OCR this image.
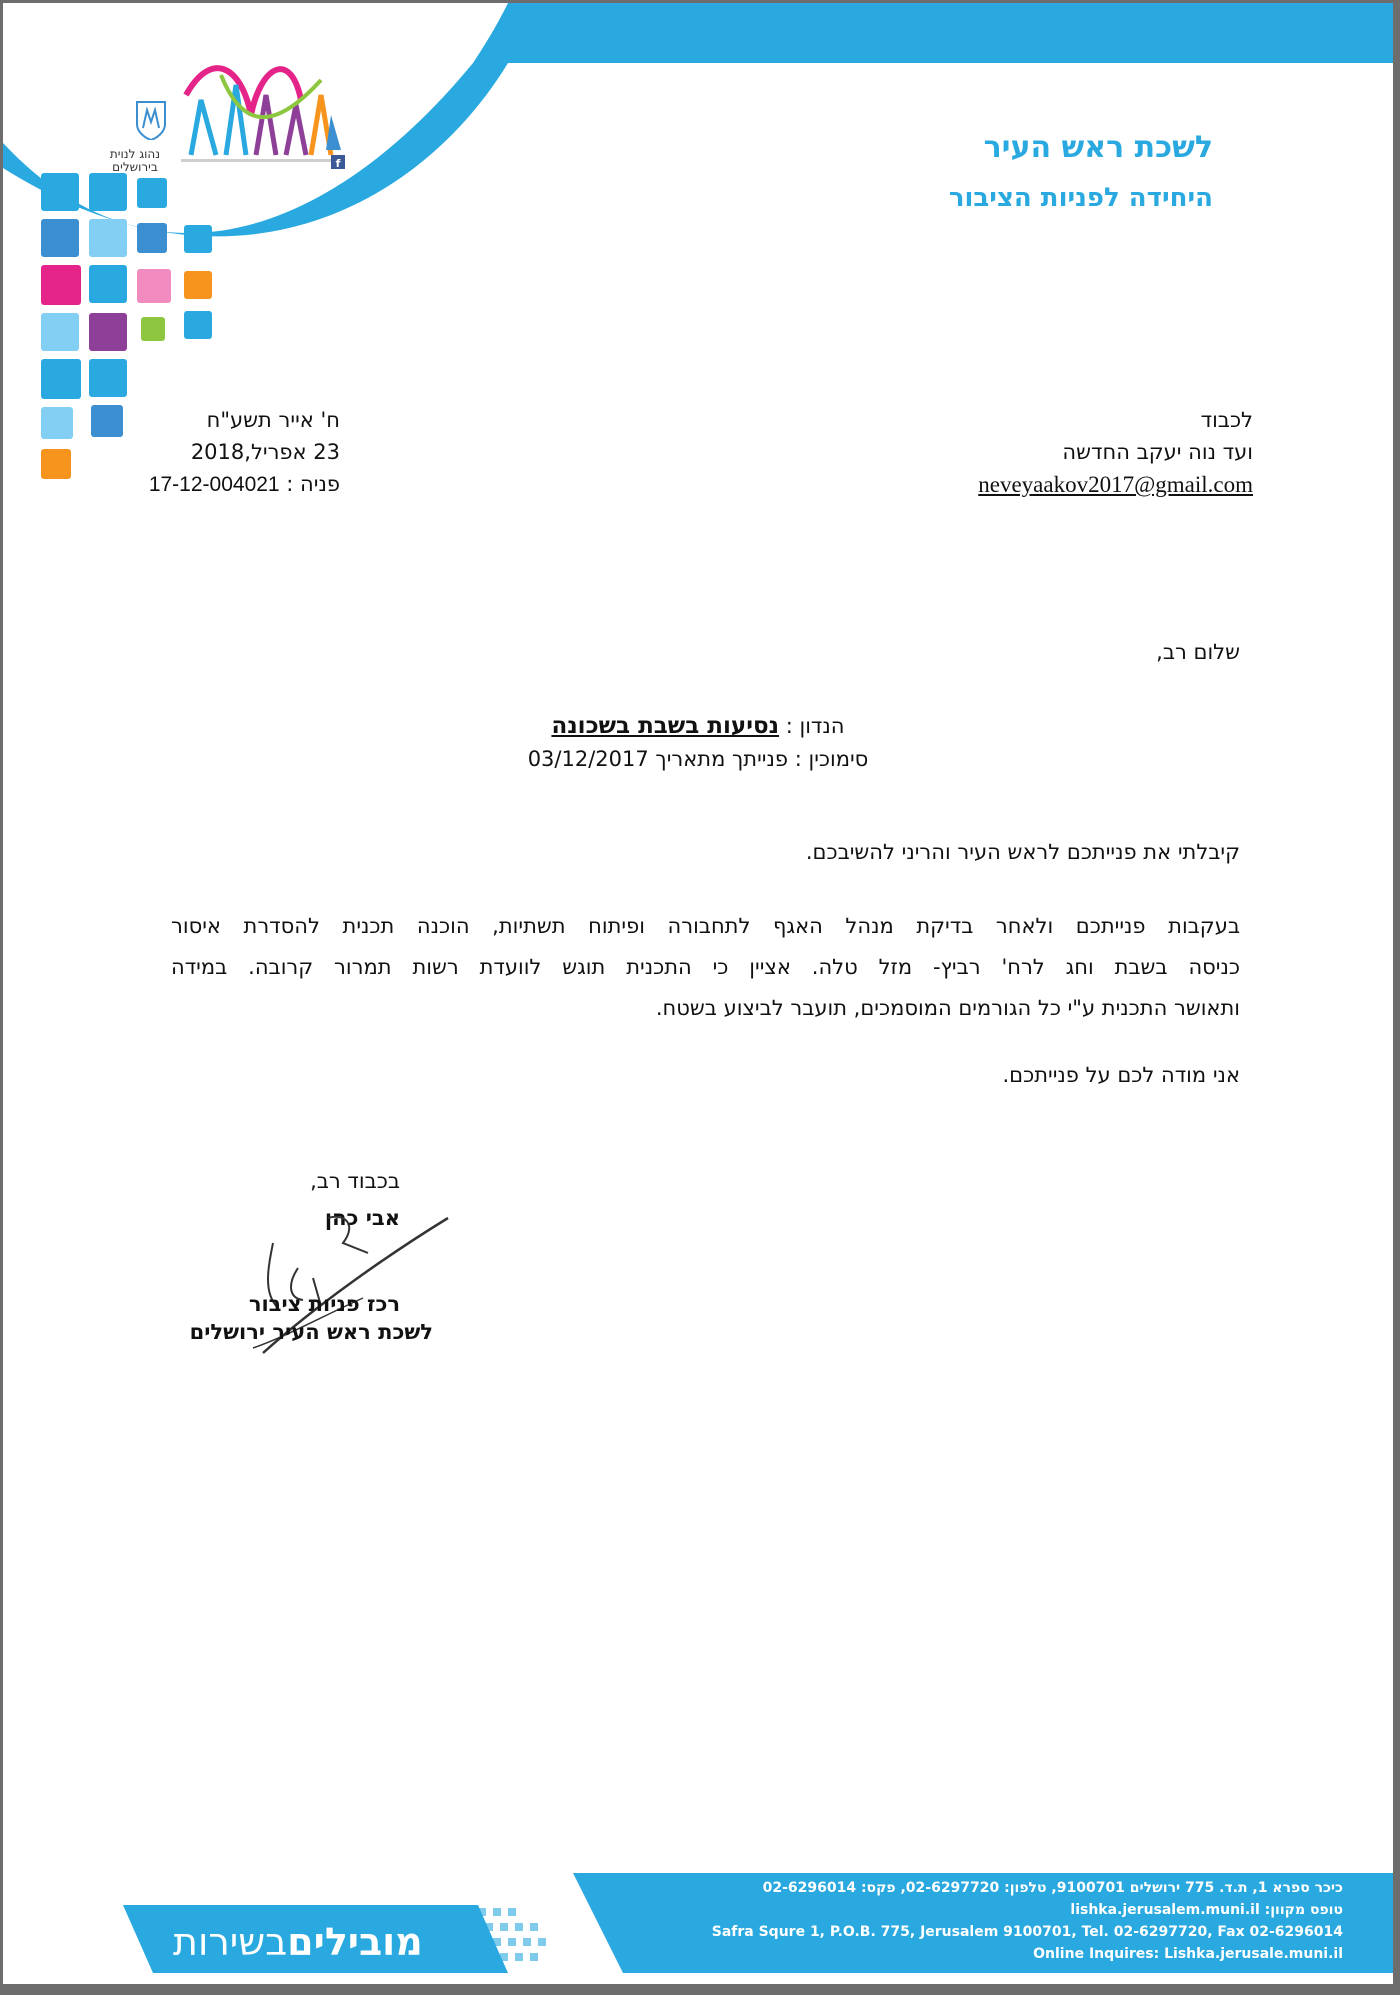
f
נהוג לנוית
בירושלים
לשכת ראש העיר
היחידה לפניות הציבור
לכבוד
ועד נוה יעקב החדשה
neveyaakov2017@gmail.com
ח' אייר תשע"ח
23 אפריל,2018
פניה : 17-12-004021
שלום רב,
הנדון : נסיעות בשבת בשכונה
סימוכין : פנייתך מתאריך 03/12/2017
קיבלתי את פנייתכם לראש העיר והריני להשיבכם.
בעקבות פנייתכם ולאחר בדיקת מנהל האגף לתחבורה ופיתוח תשתיות, הוכנה תכנית להסדרת איסור
כניסה בשבת וחג לרח' רביץ- מזל טלה. אציין כי התכנית תוגש לוועדת רשות תמרור קרובה. במידה
ותאושר התכנית ע"י כל הגורמים המוסמכים, תועבר לביצוע בשטח.
אני מודה לכם על פנייתכם.
בכבוד רב,
אבי כהן
רכז פניות ציבור
לשכת ראש העיר ירושלים
מוביליםבשירות
כיכר ספרא 1, ת.ד. 775 ירושלים 9100701, טלפון: 02-6297720, פקס: 02-6296014
טופס מקוון: lishka.jerusalem.muni.il
Safra Squre 1, P.O.B. 775, Jerusalem 9100701, Tel. 02-6297720, Fax 02-6296014
Online Inquires: Lishka.jerusale.muni.il
